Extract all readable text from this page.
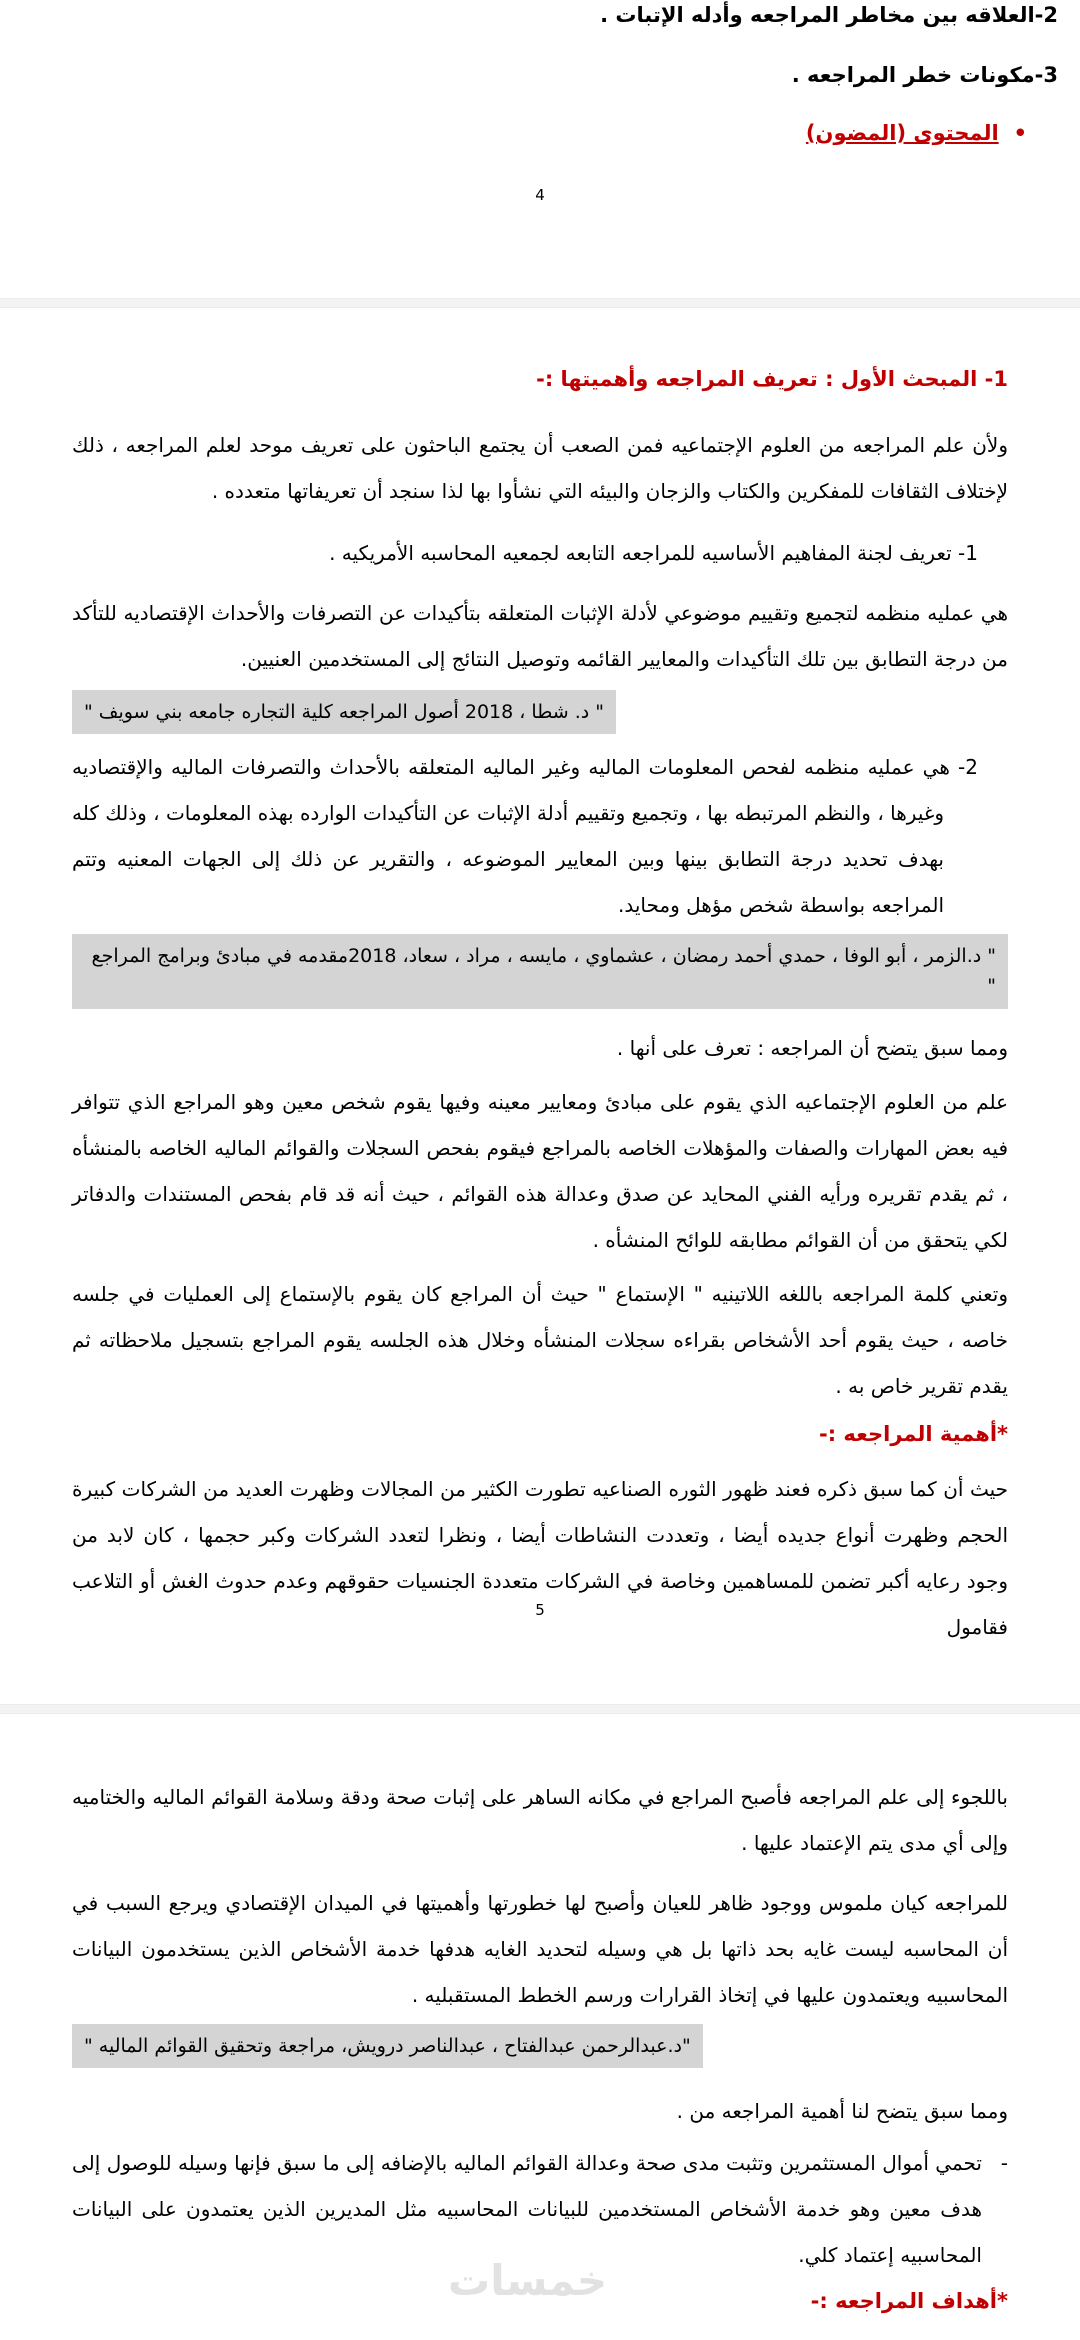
2-العلاقه بين مخاطر المراجعه وأدله الإتبات .
3-مكونات خطر المراجعه .
•
المحتوى (المضون)
4
1- المبحث الأول : تعريف المراجعه وأهميتها :-

ولأن علم المراجعه من العلوم الإجتماعيه فمن الصعب أن يجتمع الباحثون على تعريف موحد لعلم المراجعه ، ذلك لإختلاف الثقافات للمفكرين والكتاب والزجان والبيئه التي نشأوا بها لذا سنجد أن تعريفاتها متعدده .

1- تعريف لجنة المفاهيم الأساسيه للمراجعه التابعه لجمعيه المحاسبه الأمريكيه .

هي عمليه منظمه لتجميع وتقييم موضوعي لأدلة الإثبات المتعلقه بتأكيدات عن التصرفات والأحداث الإقتصاديه للتأكد من درجة التطابق بين تلك التأكيدات والمعايير القائمه وتوصيل النتائج إلى المستخدمين العنيين.

" د. شطا ، 2018 أصول المراجعه كلية التجاره جامعه بني سويف "

2- هي عمليه منظمه لفحص المعلومات الماليه وغير الماليه المتعلقه بالأحداث والتصرفات الماليه والإقتصاديه وغيرها ، والنظم المرتبطه بها ، وتجميع وتقييم أدلة الإثبات عن التأكيدات الوارده بهذه المعلومات ، وذلك كله بهدف تحديد درجة التطابق بينها وبين المعايير الموضوعه ، والتقرير عن ذلك إلى الجهات المعنيه وتتم المراجعه بواسطة شخص مؤهل ومحايد.

" د.الزمر ، أبو الوفا ، حمدي أحمد رمضان ، عشماوي ، مايسه ، مراد ، سعاد، 2018مقدمه في مبادئ وبرامج المراجع "

ومما سبق يتضح أن المراجعه : تعرف على أنها .

علم من العلوم الإجتماعيه الذي يقوم على مبادئ ومعايير معينه وفيها يقوم شخص معين وهو المراجع الذي تتوافر فيه بعض المهارات والصفات والمؤهلات الخاصه بالمراجع فيقوم بفحص السجلات والقوائم الماليه الخاصه بالمنشأه ، ثم يقدم تقريره ورأيه الفني المحايد عن صدق وعدالة هذه القوائم ، حيث أنه قد قام بفحص المستندات والدفاتر لكي يتحقق من أن القوائم مطابقه للوائح المنشأه .

وتعني كلمة المراجعه باللغه اللاتينيه " الإستماع " حيث أن المراجع كان يقوم بالإستماع إلى العمليات في جلسه خاصه ، حيث يقوم أحد الأشخاص بقراءه سجلات المنشأه وخلال هذه الجلسه يقوم المراجع بتسجيل ملاحظاته ثم يقدم تقرير خاص به .

*أهمية المراجعه :-

حيث أن كما سبق ذكره فعند ظهور الثوره الصناعيه تطورت الكثير من المجالات وظهرت العديد من الشركات كبيرة الحجم وظهرت أنواع جديده أيضا ، وتعددت النشاطات أيضا ، ونظرا لتعدد الشركات وكبر حجمها ، كان لابد من وجود رعايه أكبر تضمن للمساهمين وخاصة في الشركات متعددة الجنسيات حقوقهم وعدم حدوث الغش أو التلاعب فقامول

5

باللجوء إلى علم المراجعه فأصبح المراجع في مكانه الساهر على إثبات صحة ودقة وسلامة القوائم الماليه والختاميه وإلى أي مدى يتم الإعتماد عليها .

للمراجعه كيان ملموس ووجود ظاهر للعيان وأصبح لها خطورتها وأهميتها في الميدان الإقتصادي ويرجع السبب في أن المحاسبه ليست غايه بحد ذاتها بل هي وسيله لتحديد الغايه هدفها خدمة الأشخاص الذين يستخدمون البيانات المحاسبيه ويعتمدون عليها في إتخاذ القرارات ورسم الخطط المستقبليه .

"د.عبدالرحمن عبدالفتاح ، عبدالناصر درويش، مراجعة وتحقيق القوائم الماليه "

ومما سبق يتضح لنا أهمية المراجعه من .

-

تحمي أموال المستثمرين وتثبت مدى صحة وعدالة القوائم الماليه بالإضافه إلى ما سبق فإنها وسيله للوصول إلى هدف معين وهو خدمة الأشخاص المستخدمين للبيانات المحاسبيه مثل المديرين الذين يعتمدون على البيانات المحاسبيه إعتماد كلي.

*أهداف المراجعه :-
خمسات
